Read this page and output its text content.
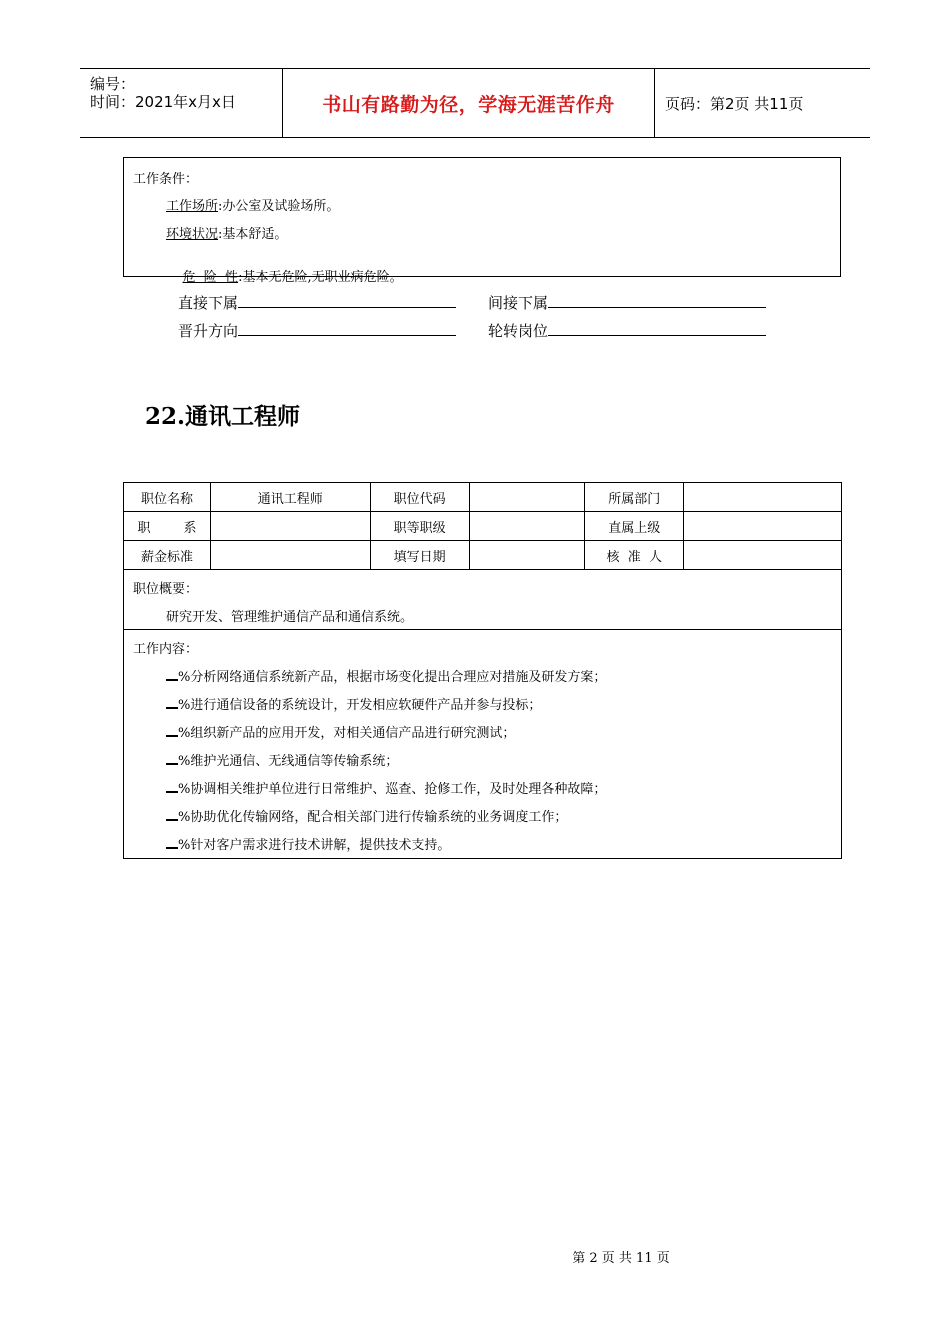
编号：
时间：2021年x月x日	书山有路勤为径，学海无涯苦作舟	页码：第2页 共11页
工作条件：
工作场所:办公室及试验场所。
环境状况:基本舒适。

危  险  性:基本无危险,无职业病危险。

直接下属	间接下属
晋升方向	轮转岗位
22.通讯工程师
职位名称	通讯工程师	职位代码		所属部门	
职        系		职等职级		直属上级	
薪金标准		填写日期		核  准  人	
职位概要：
研究开发、管理维护通信产品和通信系统。
工作内容：
%分析网络通信系统新产品，根据市场变化提出合理应对措施及研发方案；
%进行通信设备的系统设计，开发相应软硬件产品并参与投标；
%组织新产品的应用开发，对相关通信产品进行研究测试；
%维护光通信、无线通信等传输系统；
%协调相关维护单位进行日常维护、巡查、抢修工作，及时处理各种故障；
%协助优化传输网络，配合相关部门进行传输系统的业务调度工作；
%针对客户需求进行技术讲解，提供技术支持。
第 2 页 共 11 页
